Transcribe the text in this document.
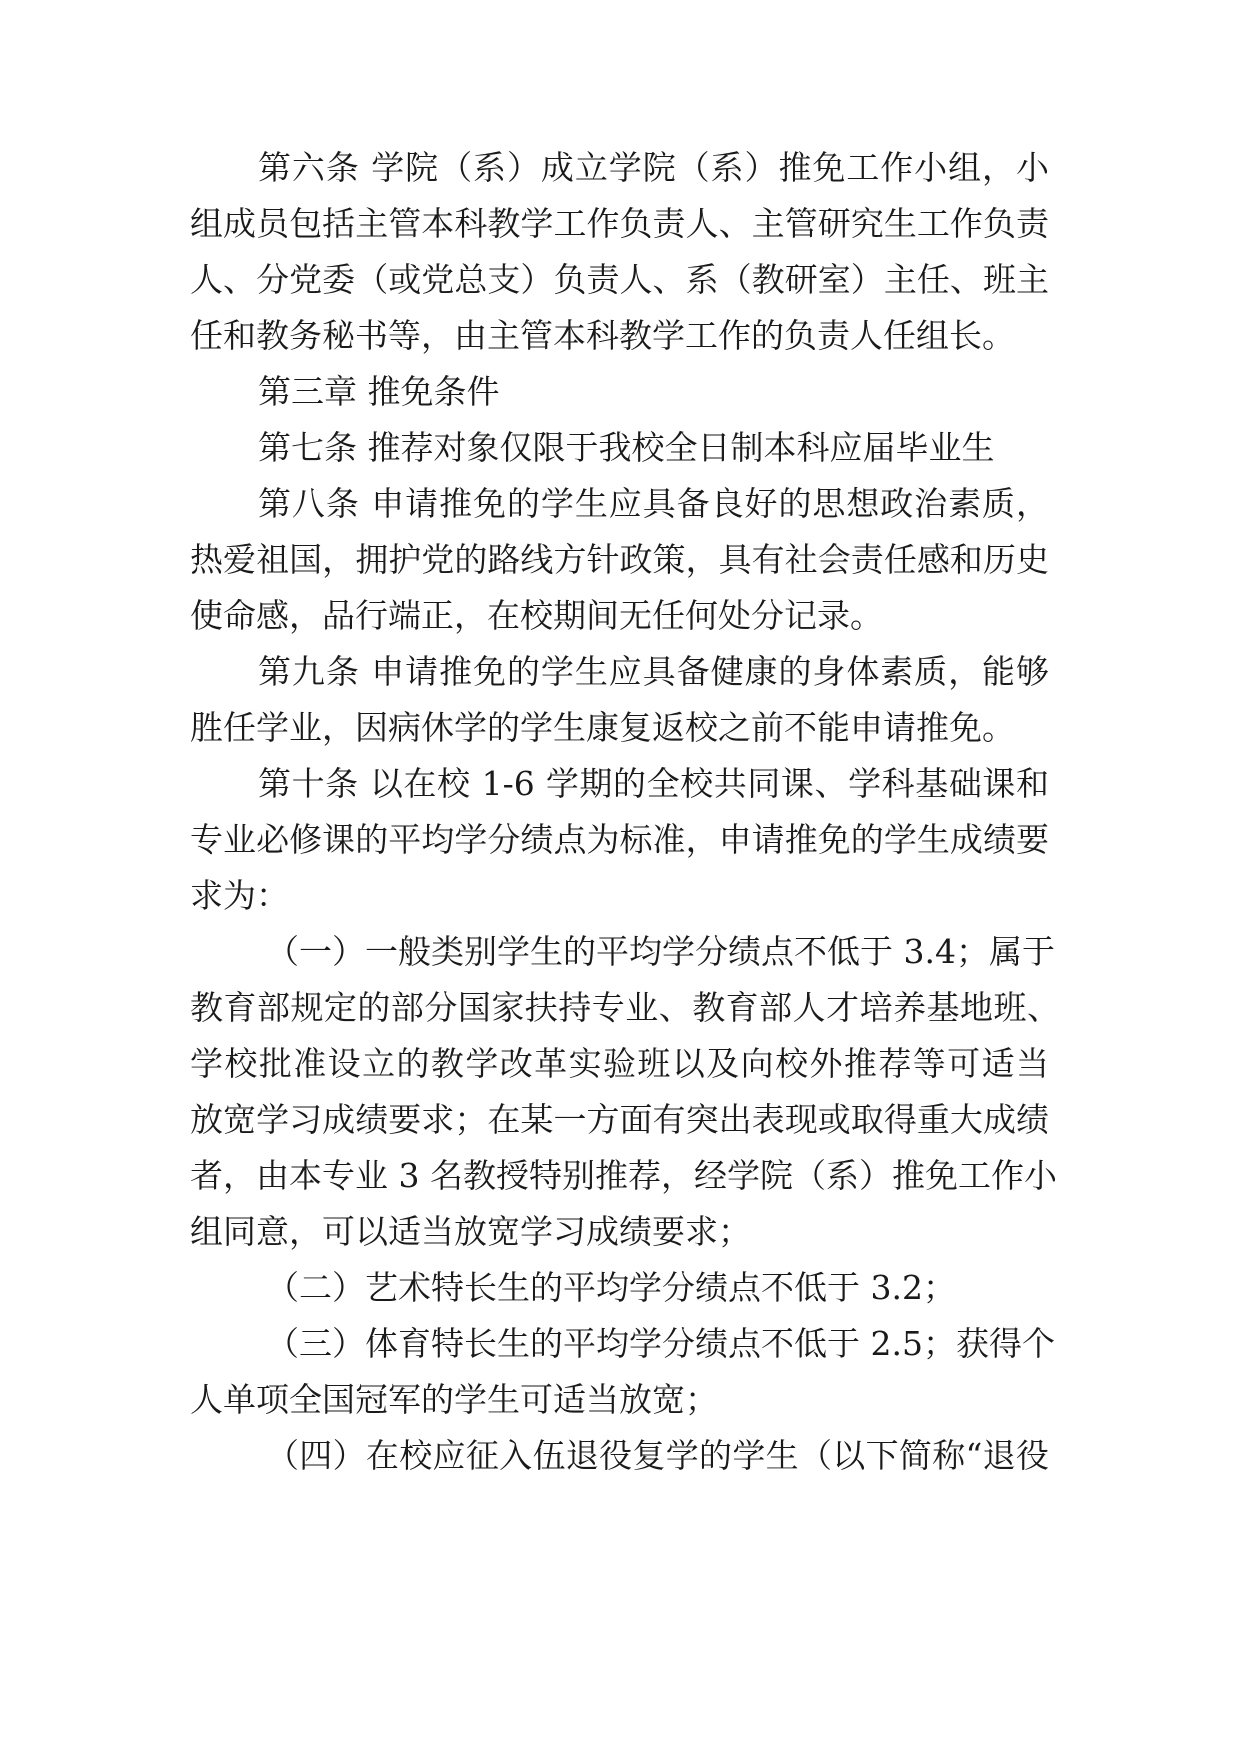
第六条 学院（系）成立学院（系）推免工作小组，小

组成员包括主管本科教学工作负责人、主管研究生工作负责

人、分党委（或党总支）负责人、系（教研室）主任、班主

任和教务秘书等，由主管本科教学工作的负责人任组长。

第三章 推免条件

第七条 推荐对象仅限于我校全日制本科应届毕业生

第八条 申请推免的学生应具备良好的思想政治素质，

热爱祖国，拥护党的路线方针政策，具有社会责任感和历史

使命感，品行端正，在校期间无任何处分记录。

第九条 申请推免的学生应具备健康的身体素质，能够

胜任学业，因病休学的学生康复返校之前不能申请推免。

第十条 以在校 1-6 学期的全校共同课、学科基础课和

专业必修课的平均学分绩点为标准，申请推免的学生成绩要

求为：

（一）一般类别学生的平均学分绩点不低于 3.4；属于

教育部规定的部分国家扶持专业、教育部人才培养基地班、

学校批准设立的教学改革实验班以及向校外推荐等可适当

放宽学习成绩要求；在某一方面有突出表现或取得重大成绩

者，由本专业 3 名教授特别推荐，经学院（系）推免工作小

组同意，可以适当放宽学习成绩要求；

（二）艺术特长生的平均学分绩点不低于 3.2；

（三）体育特长生的平均学分绩点不低于 2.5；获得个

人单项全国冠军的学生可适当放宽；

（四）在校应征入伍退役复学的学生（以下简称“退役
